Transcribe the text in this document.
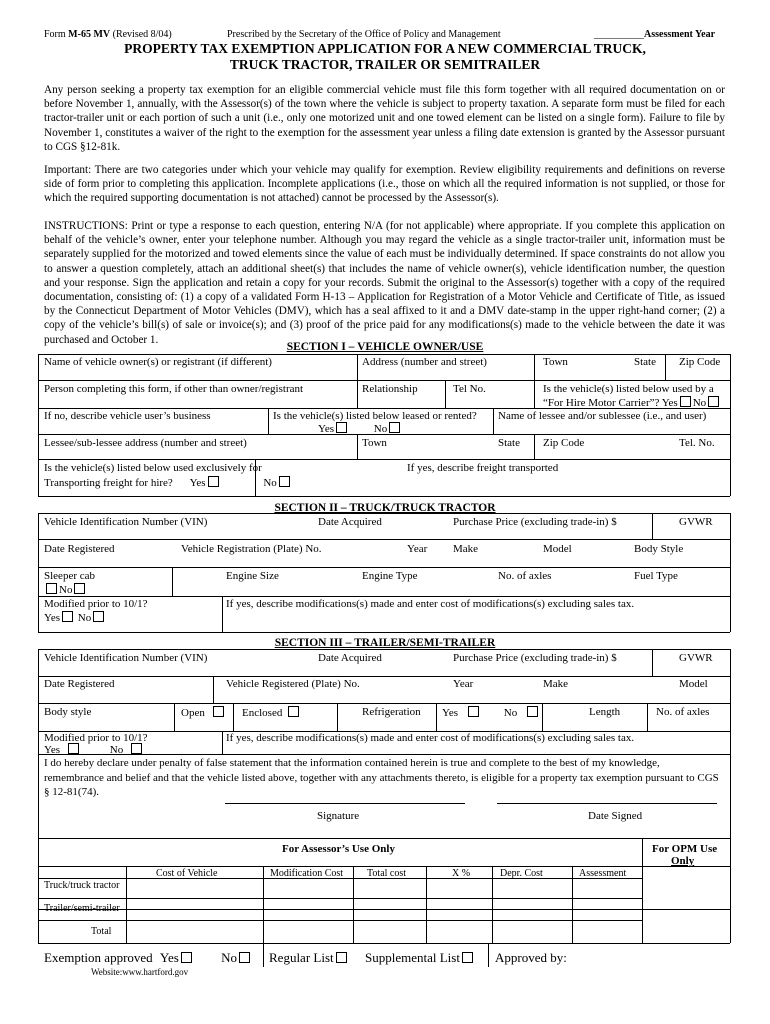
Form M-65 MV (Revised 8/04)	Prescribed by the Secretary of the Office of Policy and Management	__________Assessment Year
PROPERTY TAX EXEMPTION APPLICATION FOR A NEW COMMERCIAL TRUCK,
TRUCK TRACTOR, TRAILER OR SEMITRAILER
Any person seeking a property tax exemption for an eligible commercial vehicle must file this form together with all required documentation on or before November 1, annually, with the Assessor(s) of the town where the vehicle is subject to property taxation. A separate form must be filed for each tractor-trailer unit or each portion of such a unit (i.e., only one motorized unit and one towed element can be listed on a single form). Failure to file by November 1, constitutes a waiver of the right to the exemption for the assessment year unless a filing date extension is granted by the Assessor pursuant to CGS §12-81k.
Important: There are two categories under which your vehicle may qualify for exemption. Review eligibility requirements and definitions on reverse side of form prior to completing this application. Incomplete applications (i.e., those on which all the required information is not supplied, or those for which the required supporting documentation is not attached) cannot be processed by the Assessor(s).
INSTRUCTIONS: Print or type a response to each question, entering N/A (for not applicable) where appropriate. If you complete this application on behalf of the vehicle’s owner, enter your telephone number. Although you may regard the vehicle as a single tractor-trailer unit, information must be separately supplied for the motorized and towed elements since the value of each must be individually determined. If space constraints do not allow you to answer a question completely, attach an additional sheet(s) that includes the name of vehicle owner(s), vehicle identification number, the question and your response. Sign the application and retain a copy for your records. Submit the original to the Assessor(s) together with a copy of the required documentation, consisting of: (1) a copy of a validated Form H-13 – Application for Registration of a Motor Vehicle and Certificate of Title, as issued by the Connecticut Department of Motor Vehicles (DMV), which has a seal affixed to it and a DMV date-stamp in the upper right-hand corner; (2) a copy of the vehicle’s bill(s) of sale or invoice(s); and (3) proof of the price paid for any modifications(s) made to the vehicle between the date it was purchased and October 1.
SECTION I – VEHICLE OWNER/USE
Name of vehicle owner(s) or registrant (if different)	Address (number and street)	Town	State Zip Code
Person completing this form, if other than owner/registrant	Relationship	Tel No.	Is the vehicle(s) listed below used by a
“For Hire Motor Carrier”? Yes No
If no, describe vehicle user’s business	Is the vehicle(s) listed below leased or rented?
Yes	No
Name of lessee and/or sublessee (i.e., and user)
Lessee/sub-lessee address (number and street)	Town	State Zip Code	Tel. No.
Is the vehicle(s) listed below used exclusively for
Transporting freight for hire? Yes	No
If yes, describe freight transported
SECTION II – TRUCK/TRUCK TRACTOR
Vehicle Identification Number (VIN)	Date Acquired	Purchase Price (excluding trade-in) $	GVWR
Date Registered	Vehicle Registration (Plate) No.	Year Make	Model	Body Style
Sleeper cab
No
Engine Size	Engine Type	No. of axles	Fuel Type
Modified prior to 10/1?
Yes No
If yes, describe modifications(s) made and enter cost of modifications(s) excluding sales tax.
SECTION III – TRAILER/SEMI-TRAILER
Vehicle Identification Number (VIN)	Date Acquired	Purchase Price (excluding trade-in) $	GVWR
Date Registered	Vehicle Registered (Plate) No.	Year	Make	Model
Body style	Open	Enclosed	Refrigeration Yes	No	Length	No. of axles
Modified prior to 10/1?
Yes	No
If yes, describe modifications(s) made and enter cost of modifications(s) excluding sales tax.
I do hereby declare under penalty of false statement that the information contained herein is true and complete to the best of my knowledge, remembrance and belief and that the vehicle listed above, together with any attachments thereto, is eligible for a property tax exemption pursuant to CGS § 12-81(74).
Signature	Date Signed
For Assessor’s Use Only	For OPM Use
Only
Cost of Vehicle	Modification Cost Total cost	X %	Depr. Cost	Assessment
Truck/truck tractor
Trailer/semi-trailer
Total
Exemption approved Yes	No	Regular List	Supplemental List	Approved by:
Website:www.hartford.gov
